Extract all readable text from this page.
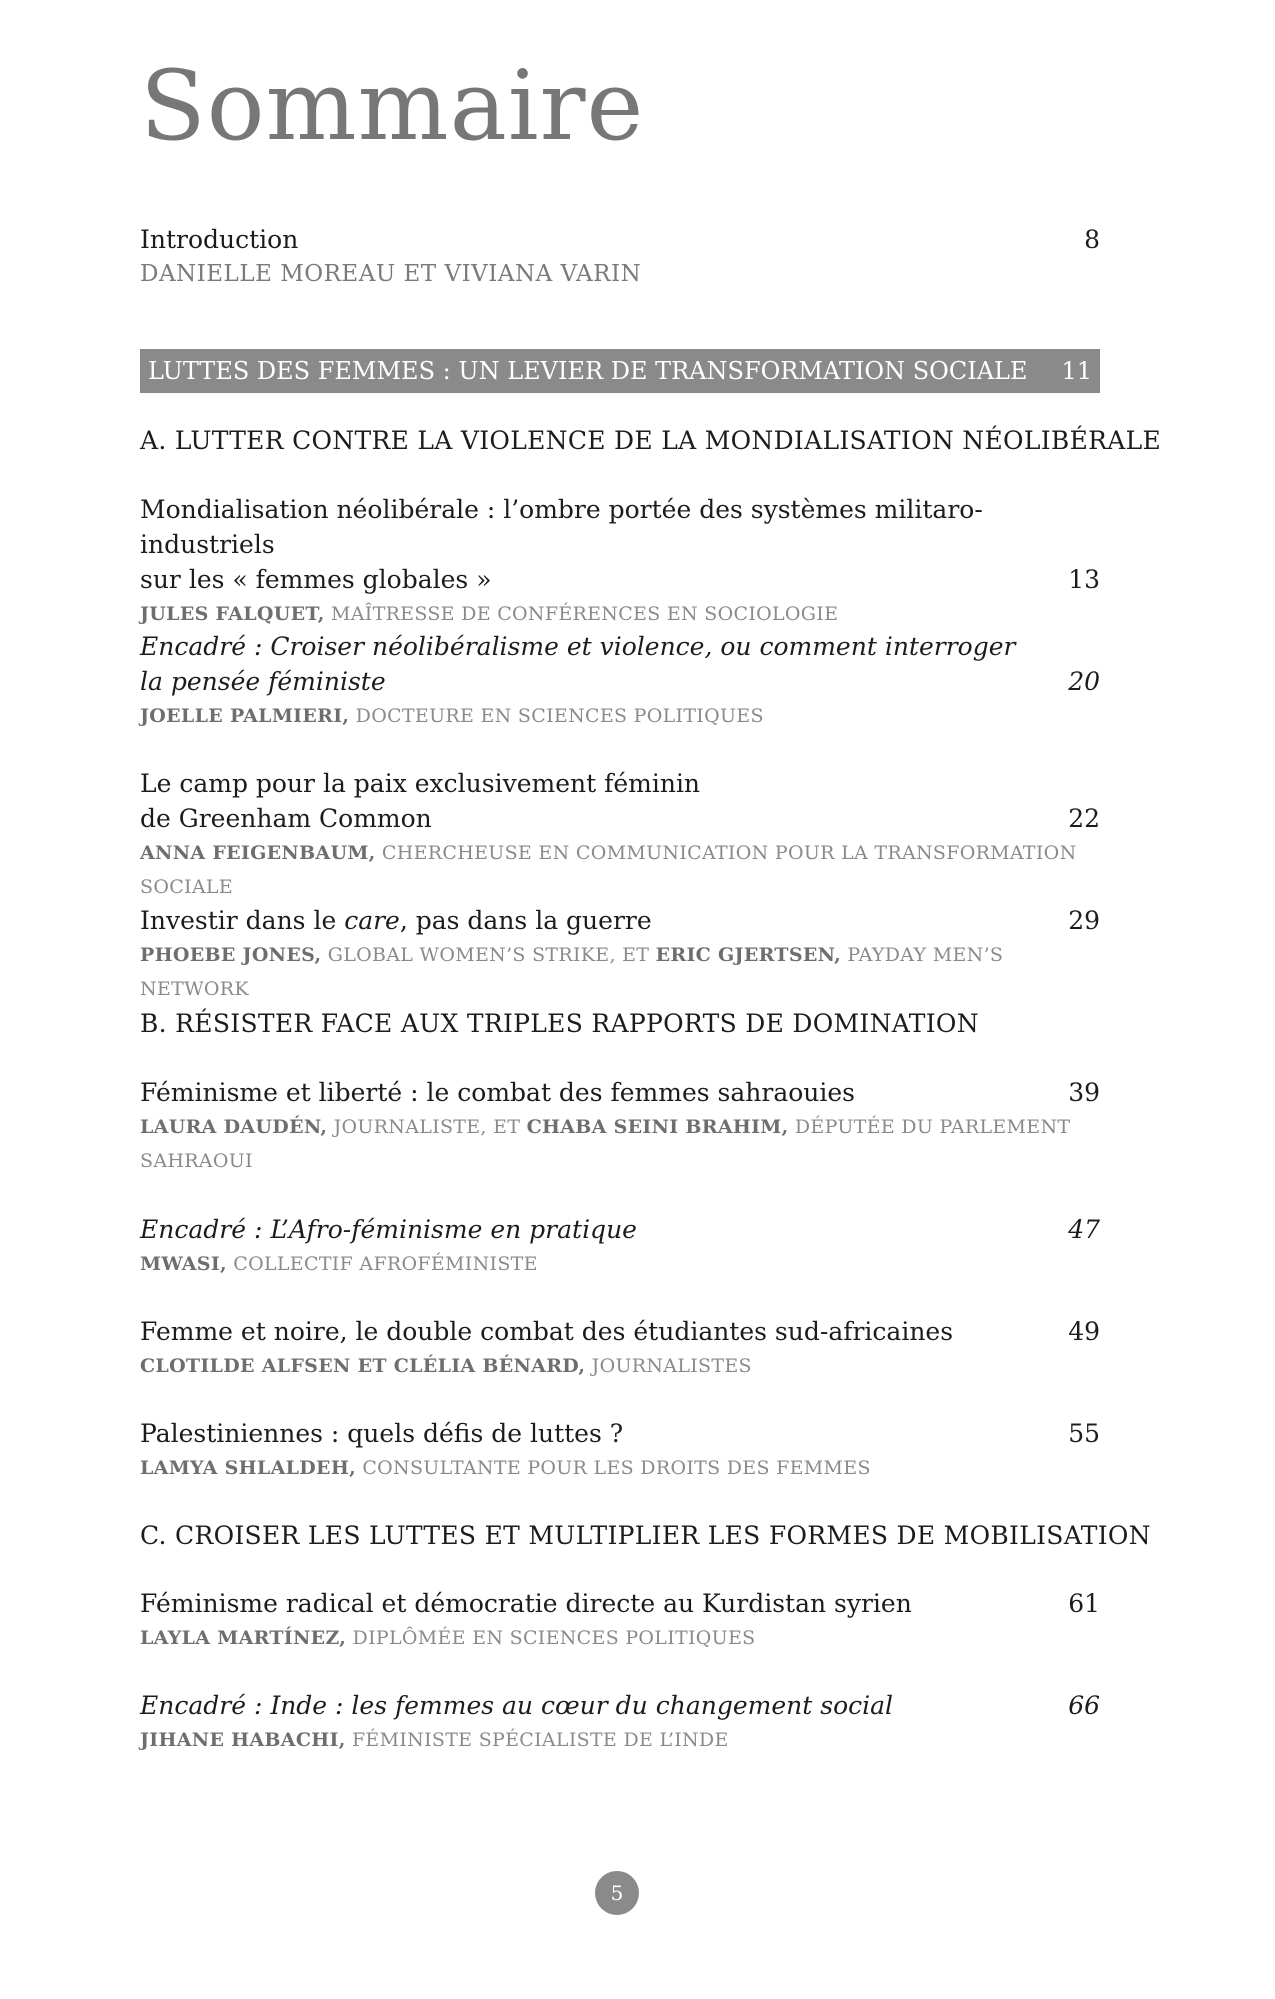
Sommaire
Introduction	8
DANIELLE MOREAU ET VIVIANA VARIN
LUTTES DES FEMMES : UN LEVIER DE TRANSFORMATION SOCIALE 11
A. LUTTER CONTRE LA VIOLENCE DE LA MONDIALISATION NÉOLIBÉRALE
Mondialisation néolibérale : l’ombre portée des systèmes militaro-industriels
sur les « femmes globales »	13
JULES FALQUET, MAÎTRESSE DE CONFÉRENCES EN SOCIOLOGIE
Encadré : Croiser néolibéralisme et violence, ou comment interroger
la pensée féministe	20
JOELLE PALMIERI, DOCTEURE EN SCIENCES POLITIQUES
Le camp pour la paix exclusivement féminin
de Greenham Common	22
ANNA FEIGENBAUM, CHERCHEUSE EN COMMUNICATION POUR LA TRANSFORMATION SOCIALE
Investir dans le care, pas dans la guerre	29
PHOEBE JONES, GLOBAL WOMEN’S STRIKE, ET ERIC GJERTSEN, PAYDAY MEN’S NETWORK
B. RÉSISTER FACE AUX TRIPLES RAPPORTS DE DOMINATION
Féminisme et liberté : le combat des femmes sahraouies	39
LAURA DAUDÉN, JOURNALISTE, ET CHABA SEINI BRAHIM, DÉPUTÉE DU PARLEMENT
SAHRAOUI
Encadré : L’Afro-féminisme en pratique	47
MWASI, COLLECTIF AFROFÉMINISTE
Femme et noire, le double combat des étudiantes sud-africaines	49
CLOTILDE ALFSEN ET CLÉLIA BÉNARD, JOURNALISTES
Palestiniennes : quels défis de luttes ?	55
LAMYA SHLALDEH, CONSULTANTE POUR LES DROITS DES FEMMES
C. CROISER LES LUTTES ET MULTIPLIER LES FORMES DE MOBILISATION
Féminisme radical et démocratie directe au Kurdistan syrien	61
LAYLA MARTÍNEZ, DIPLÔMÉE EN SCIENCES POLITIQUES
Encadré : Inde : les femmes au cœur du changement social	66
JIHANE HABACHI, FÉMINISTE SPÉCIALISTE DE L’INDE
5
